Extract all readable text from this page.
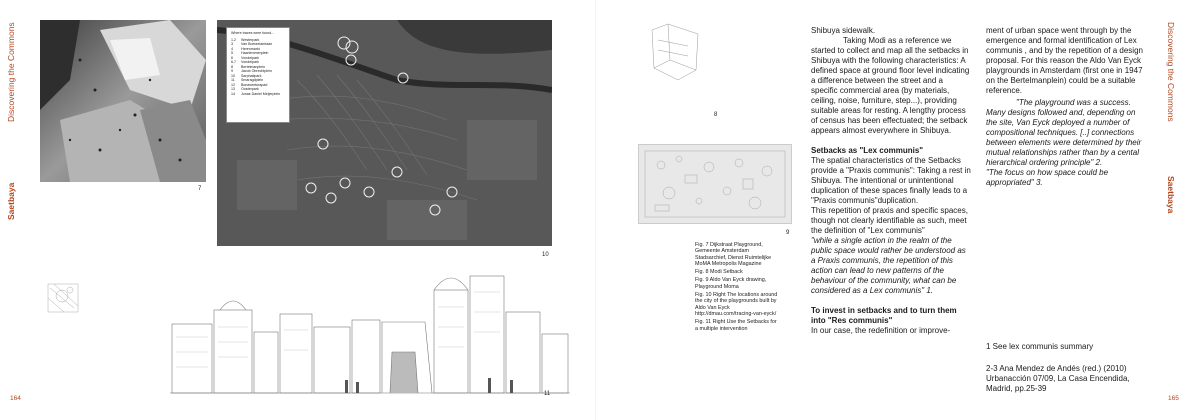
Discovering the Commons
Saetbaya
164
7
10
Where traces were found...
1,2	Westerpark
3	Van Boetzelaerlaan
4	Herenmarkt
5	Haarlemmerplein
6	Vondelpark
6,7	Vondelpark
8	Bertelmanplein
9	Jacob Obrechtplein
10	Sarphatipark
11	Smaragdplein
12	Bonaventurapad
13	Oosterpark
14	Jonas Daniel Meijerplein
11
8
9

Fig. 7 Dijkstraat Playground, Gemeente Amsterdam Stadsarchief, Dienst Ruimtelijke MoMA Metropolis Magazine

Fig. 8 Modi Setback

Fig. 9 Aldo Van Eyck drawing, Playground Moma

Fig. 10 Right The locations around the city of the playgrounds built by Aldo Van Eyck http://dmau.com/tracing-van-eyck/

Fig. 11 Right Use the Setbacks for a multiple intervention

Shibuya sidewalk.

Taking Modi as a reference we started to collect and map all the setbacks in Shibuya with the following characteristics: A defined space at ground floor level indicating a difference between the street and a specific commercial area (by materials, ceiling, noise, furniture, step...), providing suitable areas for resting. A lengthy process of census has been effectuated; the setback appears almost everywhere in Shibuya.

Setbacks as "Lex communis"

The spatial characteristics of the Setbacks provide a "Praxis communis": Taking a rest in Shibuya. The intentional or unintentional duplication of these spaces finally leads to a "Praxis communis"duplication.

This repetition of praxis and specific spaces, though not clearly identifiable as such, meet the definition of "Lex communis"

"while a single action in the realm of the public space would rather be understood as a Praxis communis, the repetition of this action can lead to new patterns of the behaviour of the community, what can be considered as a Lex communis" 1.

To invest in setbacks and to turn them into "Res communis"

In our case, the redefinition or improve-

ment of urban space went through by the emergence and formal identification of Lex communis , and by the repetition of a design proposal. For this reason the Aldo Van Eyck playgrounds in Amsterdam (first one in 1947 on the Bertelmanplein) could be a suitable reference.

"The playground was a success. Many designs followed and, depending on the site, Van Eyck deployed a number of compositional techniques. [..] connections between elements were determined by their mutual relationships rather than by a cental hierarchical ordering principle" 2.

"The focus on how space could be appropriated" 3.

1 See lex communis summary
2-3 Ana Mendez de Andés (red.) (2010) Urbanacción 07/09, La Casa Encendida, Madrid, pp.25-39
Discovering the Commons
Saetbaya
165
